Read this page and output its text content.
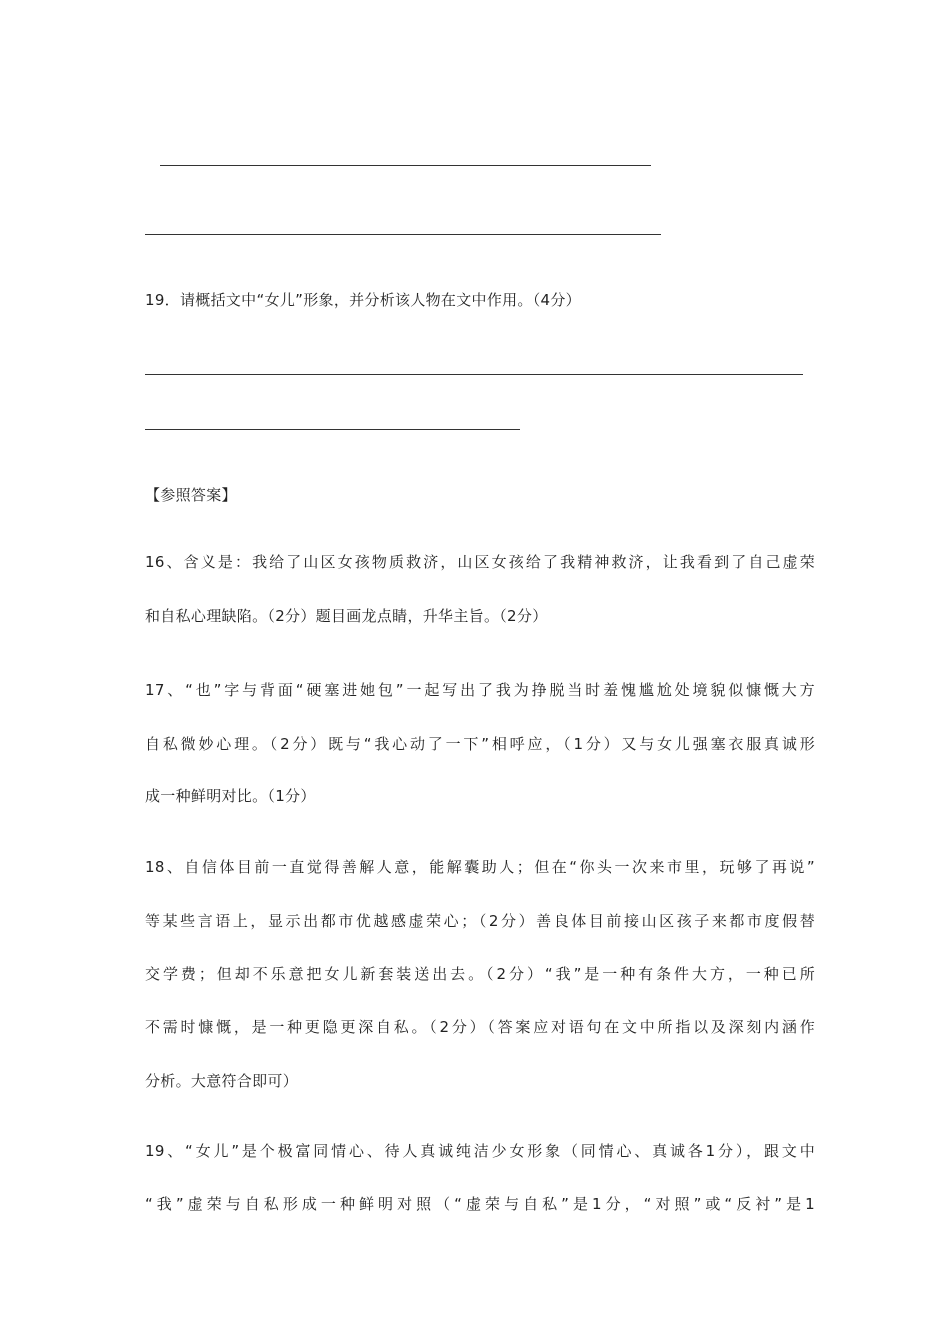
19．请概括文中“女儿”形象，并分析该人物在文中作用。（4分）
【参照答案】
16、含义是：我给了山区女孩物质救济，山区女孩给了我精神救济，让我看到了自己虚荣
和自私心理缺陷。（2分）题目画龙点睛，升华主旨。（2分）
17、“也”字与背面“硬塞进她包”一起写出了我为挣脱当时羞愧尴尬处境貌似慷慨大方
自私微妙心理。（2分）既与“我心动了一下”相呼应，（1分）又与女儿强塞衣服真诚形
成一种鲜明对比。（1分）
18、自信体目前一直觉得善解人意，能解囊助人；但在“你头一次来市里，玩够了再说”
等某些言语上，显示出都市优越感虚荣心；（2分）善良体目前接山区孩子来都市度假替
交学费；但却不乐意把女儿新套装送出去。（2分）“我”是一种有条件大方，一种已所
不需时慷慨，是一种更隐更深自私。（2分）（答案应对语句在文中所指以及深刻内涵作
分析。大意符合即可）
19、“女儿”是个极富同情心、待人真诚纯洁少女形象（同情心、真诚各1分），跟文中
“我”虚荣与自私形成一种鲜明对照（“虚荣与自私”是1分，“对照”或“反衬”是1
